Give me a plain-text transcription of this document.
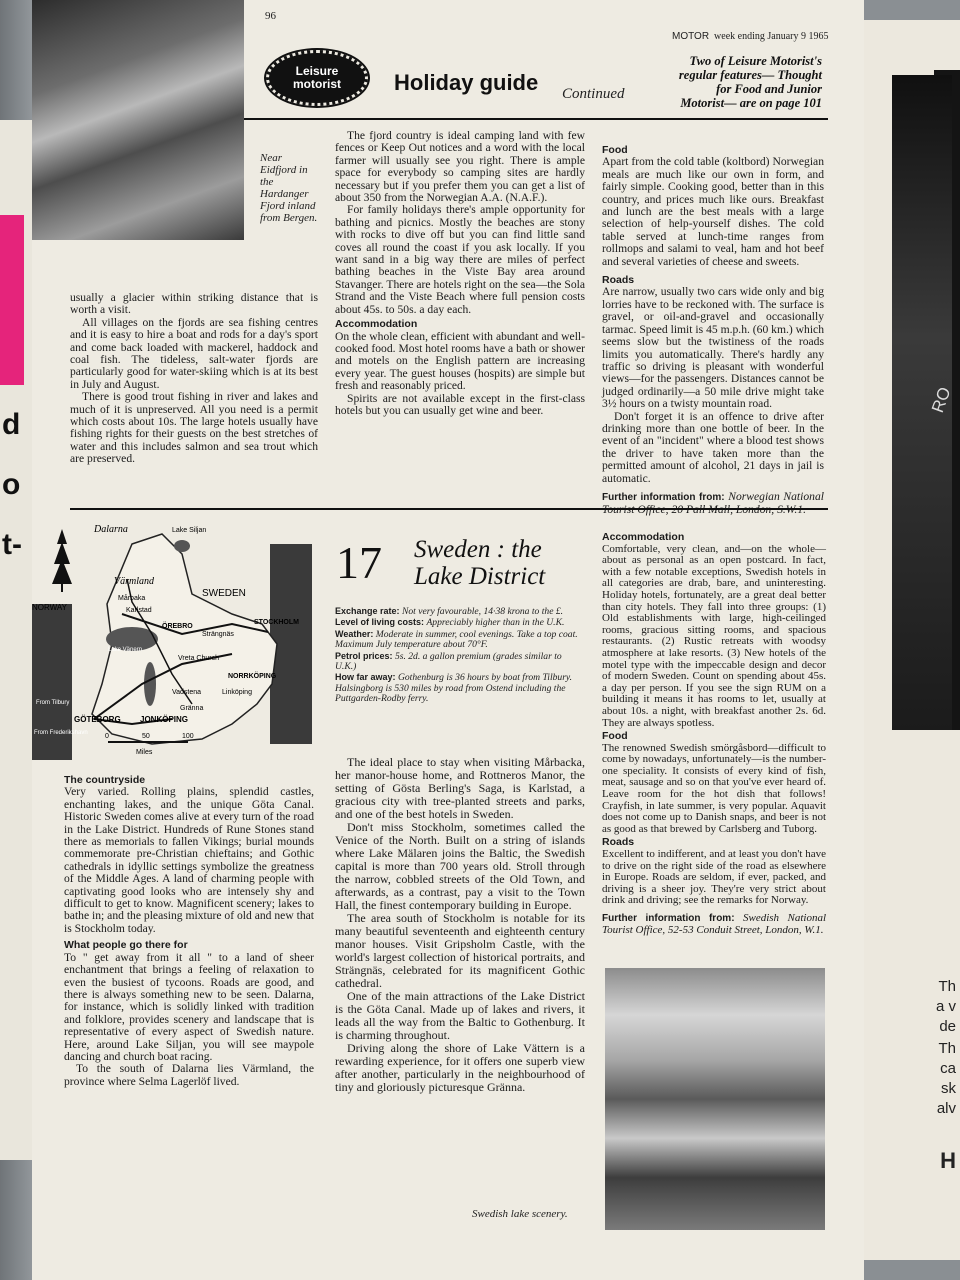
d
o
t-
RO
Th
a v
de
Th
ca
sk
alv
H
96
Near Eidfjord in the Hardanger Fjord inland from Bergen.
Leisure
motorist	Holiday guide Continued
MOTOR week ending January 9 1965
Two of Leisure Motorist's regular features— Thought for Food and Junior Motorist— are on page 101

usually a glacier within striking distance that is worth a visit.

All villages on the fjords are sea fishing centres and it is easy to hire a boat and rods for a day's sport and come back loaded with mackerel, haddock and coal fish. The tideless, salt-water fjords are particularly good for water-skiing which is at its best in July and August.

There is good trout fishing in river and lakes and much of it is unpreserved. All you need is a permit which costs about 10s. The large hotels usually have fishing rights for their guests on the best stretches of water and this includes salmon and sea trout which are preserved.

The fjord country is ideal camping land with few fences or Keep Out notices and a word with the local farmer will usually see you right. There is ample space for everybody so camping sites are hardly necessary but if you prefer them you can get a list of about 350 from the Norwegian A.A. (N.A.F.).

For family holidays there's ample opportunity for bathing and picnics. Mostly the beaches are stony with rocks to dive off but you can find little sand coves all round the coast if you ask locally. If you want sand in a big way there are miles of perfect bathing beaches in the Viste Bay area around Stavanger. There are hotels right on the sea—the Sola Strand and the Viste Beach where full pension costs about 45s. to 50s. a day each.

Accommodation

On the whole clean, efficient with abundant and well-cooked food. Most hotel rooms have a bath or shower and motels on the English pattern are increasing every year. The guest houses (hospits) are simple but fresh and reasonably priced.

Spirits are not available except in the first-class hotels but you can usually get wine and beer.

Food

Apart from the cold table (koltbord) Norwegian meals are much like our own in form, and fairly simple. Cooking good, better than in this country, and prices much like ours. Breakfast and lunch are the best meals with a large selection of help-yourself dishes. The cold table served at lunch-time ranges from rollmops and salami to veal, ham and hot beef and several varieties of cheese and sweets.

Roads

Are narrow, usually two cars wide only and big lorries have to be reckoned with. The surface is gravel, or oil-and-gravel and occasionally tarmac. Speed limit is 45 m.p.h. (60 km.) which seems slow but the twistiness of the roads limits you automatically. There's hardly any traffic so driving is pleasant with wonderful views—for the passengers. Distances cannot be judged ordinarily—a 50 mile drive might take 3½ hours on a twisty mountain road.

Don't forget it is an offence to drive after drinking more than one bottle of beer. In the event of an "incident" where a blood test shows the driver to have taken more than the permitted amount of alcohol, 21 days in jail is automatic.

Further information from: Norwegian National

Dalarna	Lake Siljan
Värmland
Mårbaka
Karlstad
SWEDEN
NORWAY
ÖREBRO
Strängnäs
STOCKHOLM
Lake Vänern
Vreta Church
NORRKÖPING
Linköping
Vadstena
Gränna
From Tilbury
GÖTEBORG JONKÖPING
From Frederikshavn 0	50	100
Miles
17 Sweden : the
Lake District
Exchange rate: Not very favourable, 14·38 krona to the £.
Level of living costs: Appreciably higher than in the U.K.
Weather: Moderate in summer, cool evenings. Take a top coat. Maximum July temperature about 70°F.
Petrol prices: 5s. 2d. a gallon premium (grades similar to U.K.)
How far away: Gothenburg is 36 hours by boat from Tilbury. Halsingborg is 530 miles by road from Ostend including the Puttgarden-Rodby ferry.
The countryside

Very varied. Rolling plains, splendid castles, enchanting lakes, and the unique Göta Canal. Historic Sweden comes alive at every turn of the road in the Lake District. Hundreds of Rune Stones stand there as memorials to fallen Vikings; burial mounds commemorate pre-Christian chieftains; and Gothic cathedrals in idyllic settings symbolize the greatness of the Middle Ages. A land of charming people with captivating good looks who are intensely shy and difficult to get to know. Magnificent scenery; lakes to bathe in; and the pleasing mixture of old and new that is Stockholm today.

What people go there for

To " get away from it all " to a land of sheer enchantment that brings a feeling of relaxation to even the busiest of tycoons. Roads are good, and there is always something new to be seen. Dalarna, for instance, which is solidly linked with tradition and folklore, provides scenery and landscape that is representative of every aspect of Swedish nature. Here, around Lake Siljan, you will see maypole dancing and church boat racing.

To the south of Dalarna lies Värmland, the province where Selma Lagerlöf lived.

The ideal place to stay when visiting Mårbacka, her manor-house home, and Rottneros Manor, the setting of Gösta Berling's Saga, is Karlstad, a gracious city with tree-planted streets and parks, and one of the best hotels in Sweden.

Don't miss Stockholm, sometimes called the Venice of the North. Built on a string of islands where Lake Mälaren joins the Baltic, the Swedish capital is more than 700 years old. Stroll through the narrow, cobbled streets of the Old Town, and afterwards, as a contrast, pay a visit to the Town Hall, the finest contemporary building in Europe.

The area south of Stockholm is notable for its many beautiful seventeenth and eighteenth century manor houses. Visit Gripsholm Castle, with the world's largest collection of historical portraits, and Strängnäs, celebrated for its magnificent Gothic cathedral.

One of the main attractions of the Lake District is the Göta Canal. Made up of lakes and rivers, it leads all the way from the Baltic to Gothenburg. It is charming throughout.

Driving along the shore of Lake Vättern is a rewarding experience, for it offers one superb view after another, particularly in the neighbourhood of tiny and gloriously picturesque Gränna.

Accommodation

Comfortable, very clean, and—on the whole—about as personal as an open postcard. In fact, with a few notable exceptions, Swedish hotels in all categories are drab, bare, and uninteresting. Holiday hotels, fortunately, are a great deal better than city hotels. They fall into three groups: (1) Old establishments with large, high-ceilinged rooms, gracious sitting rooms, and spacious restaurants. (2) Rustic retreats with woodsy atmosphere at lake resorts. (3) New hotels of the motel type with the impeccable design and decor of modern Sweden. Count on spending about 45s. a day per person. If you see the sign RUM on a building it means it has rooms to let, usually at about 10s. a night, with breakfast another 2s. 6d. They are always spotless.

Food

The renowned Swedish smörgåsbord—difficult to come by nowadays, unfortunately—is the number-one speciality. It consists of every kind of fish, meat, sausage and so on that you've ever heard of. Leave room for the hot dish that follows! Crayfish, in late summer, is very popular. Aquavit does not come up to Danish snaps, and beer is not as good as that brewed by Carlsberg and Tuborg.

Roads

Excellent to indifferent, and at least you don't have to drive on the right side of the road as elsewhere in Europe. Roads are seldom, if ever, packed, and driving is a sheer joy. They're very strict about drink and driving; see the remarks for Norway.

Further information from: Swedish National Tourist Office, 52-53 Conduit Street, London, W.1.

Swedish lake scenery.
